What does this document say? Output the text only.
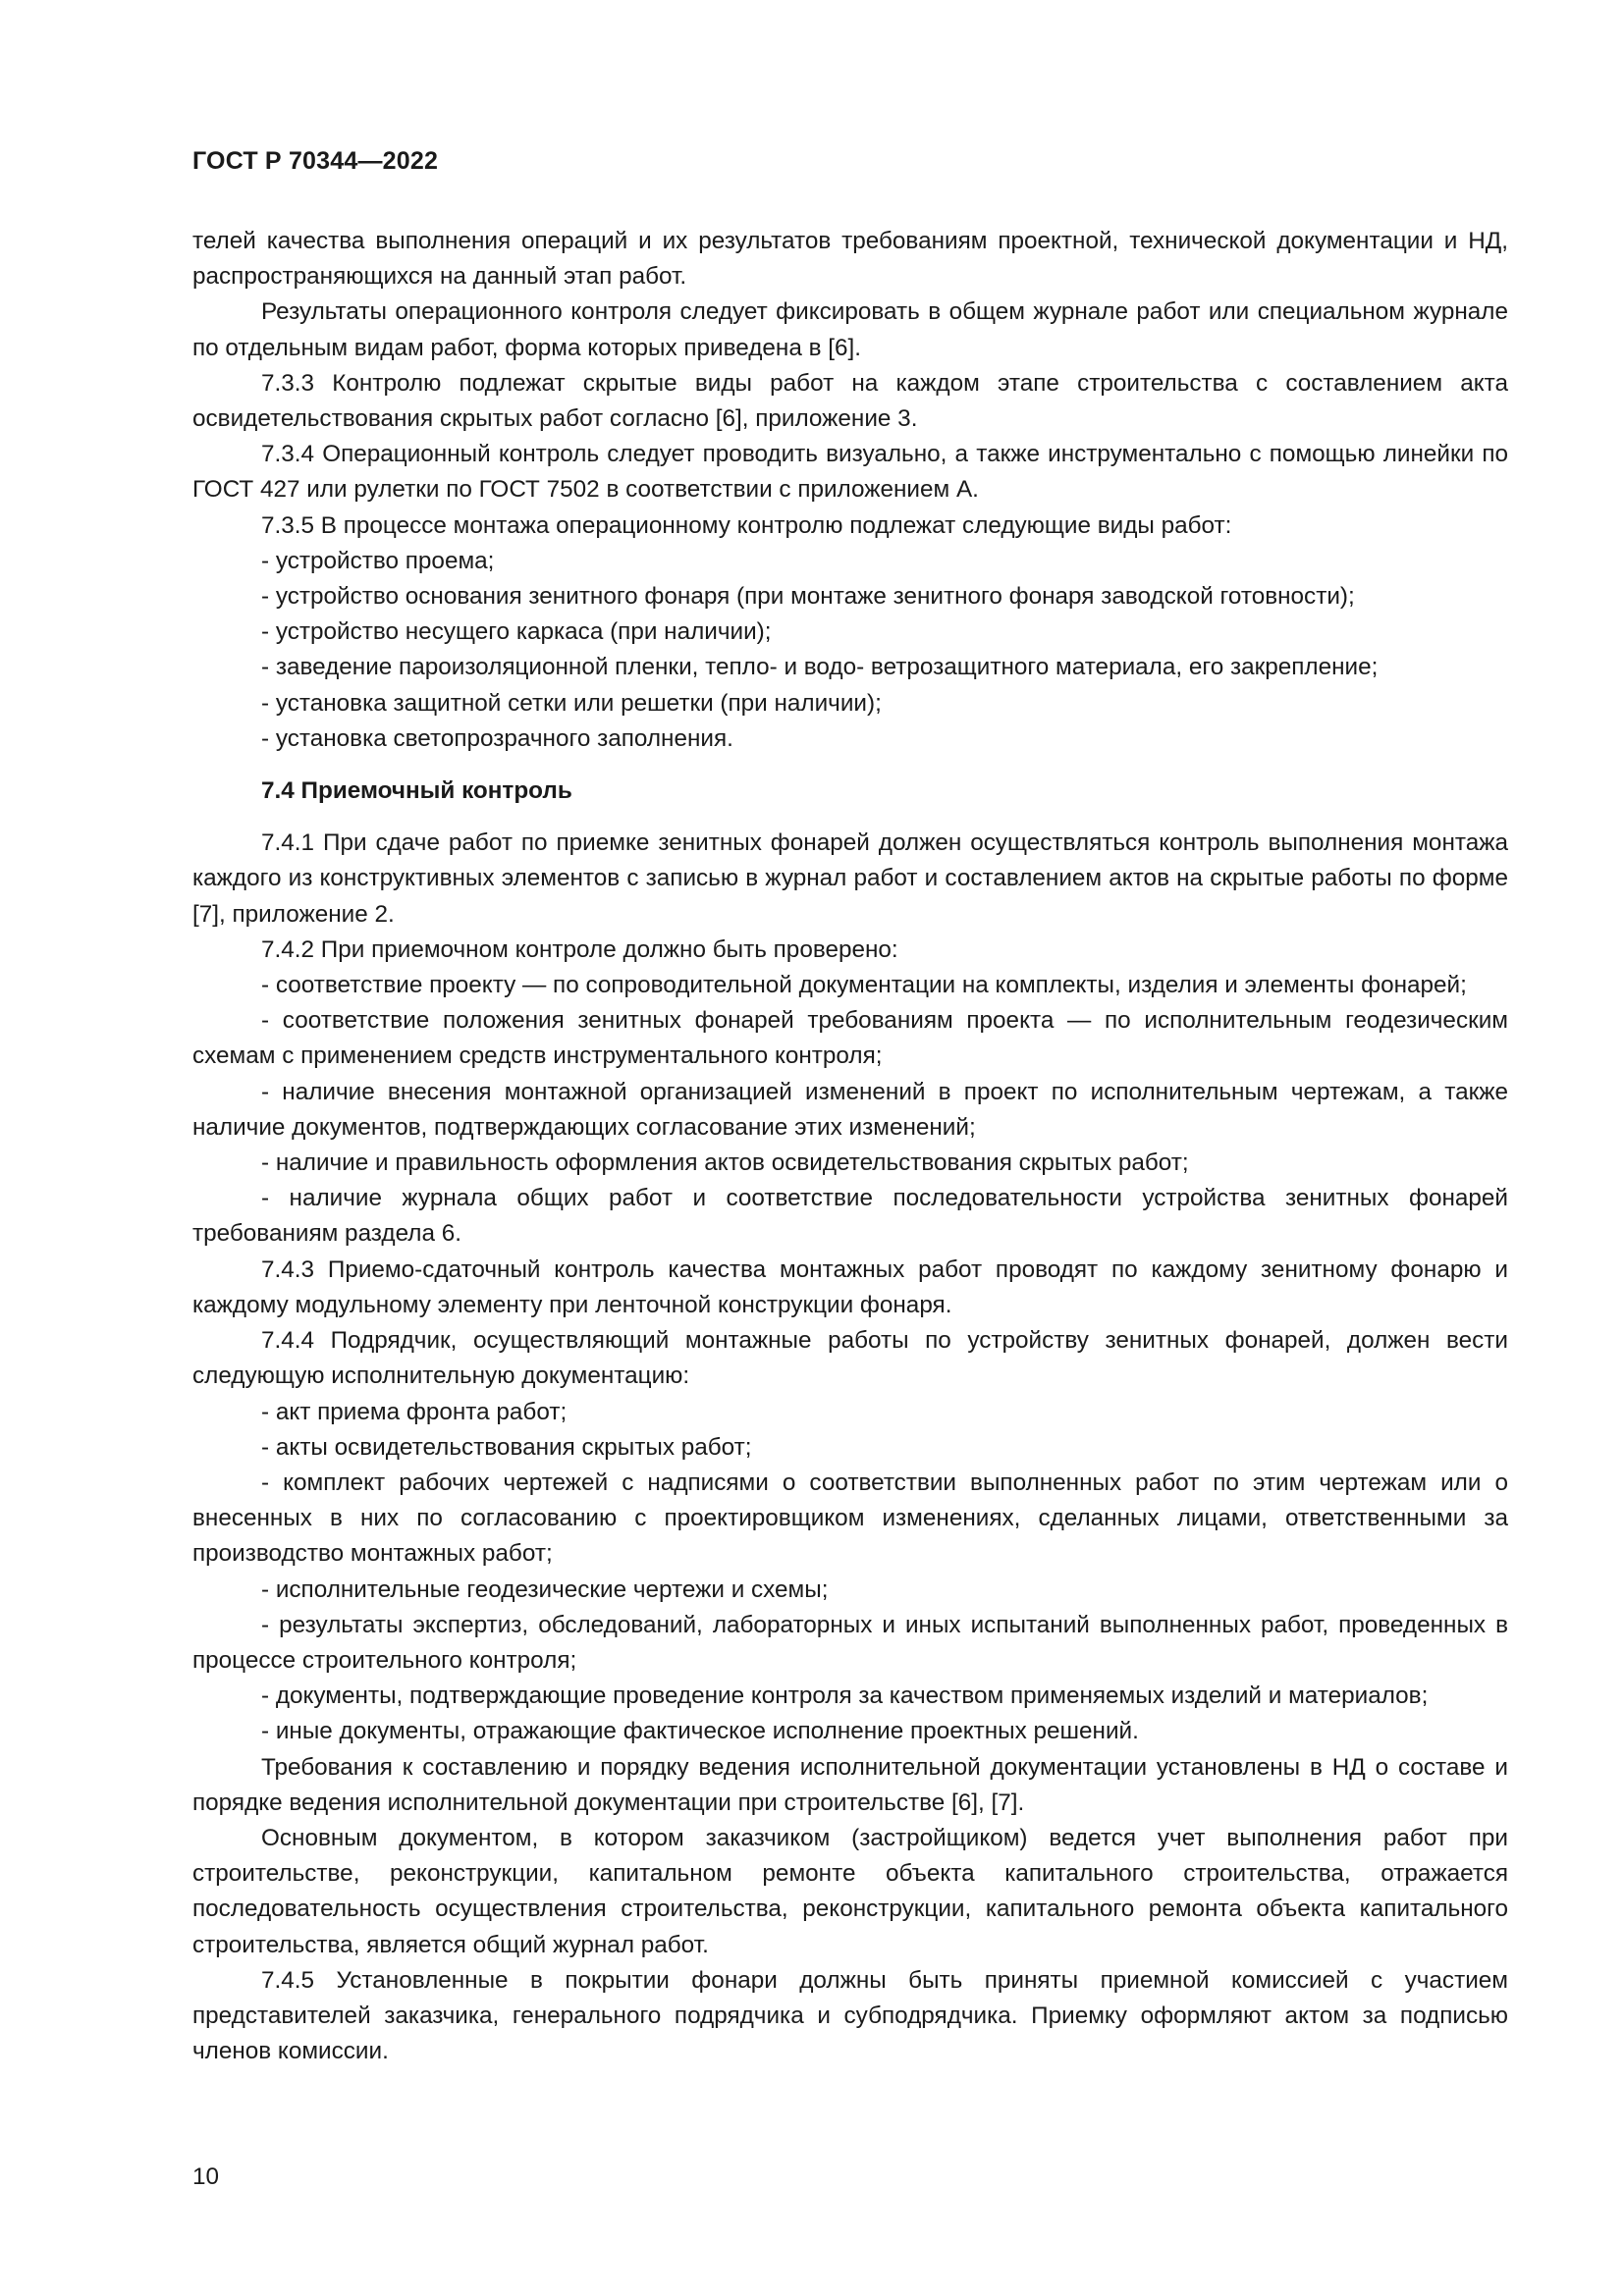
ГОСТ Р 70344—2022

телей качества выполнения операций и их результатов требованиям проектной, технической документации и НД, распространяющихся на данный этап работ.

Результаты операционного контроля следует фиксировать в общем журнале работ или специальном журнале по отдельным видам работ, форма которых приведена в [6].

7.3.3 Контролю подлежат скрытые виды работ на каждом этапе строительства с составлением акта освидетельствования скрытых работ согласно [6], приложение 3.

7.3.4 Операционный контроль следует проводить визуально, а также инструментально с помощью линейки по ГОСТ 427 или рулетки по ГОСТ 7502 в соответствии с приложением А.

7.3.5 В процессе монтажа операционному контролю подлежат следующие виды работ:

- устройство проема;

- устройство основания зенитного фонаря (при монтаже зенитного фонаря заводской готовности);

- устройство несущего каркаса (при наличии);

- заведение пароизоляционной пленки, тепло- и водо- ветрозащитного материала, его закрепление;

- установка защитной сетки или решетки (при наличии);

- установка светопрозрачного заполнения.

7.4 Приемочный контроль

7.4.1 При сдаче работ по приемке зенитных фонарей должен осуществляться контроль выполнения монтажа каждого из конструктивных элементов с записью в журнал работ и составлением актов на скрытые работы по форме [7], приложение 2.

7.4.2 При приемочном контроле должно быть проверено:

- соответствие проекту — по сопроводительной документации на комплекты, изделия и элементы фонарей;

- соответствие положения зенитных фонарей требованиям проекта — по исполнительным геодезическим схемам с применением средств инструментального контроля;

- наличие внесения монтажной организацией изменений в проект по исполнительным чертежам, а также наличие документов, подтверждающих согласование этих изменений;

- наличие и правильность оформления актов освидетельствования скрытых работ;

- наличие журнала общих работ и соответствие последовательности устройства зенитных фонарей требованиям раздела 6.

7.4.3 Приемо-сдаточный контроль качества монтажных работ проводят по каждому зенитному фонарю и каждому модульному элементу при ленточной конструкции фонаря.

7.4.4 Подрядчик, осуществляющий монтажные работы по устройству зенитных фонарей, должен вести следующую исполнительную документацию:

- акт приема фронта работ;

- акты освидетельствования скрытых работ;

- комплект рабочих чертежей с надписями о соответствии выполненных работ по этим чертежам или о внесенных в них по согласованию с проектировщиком изменениях, сделанных лицами, ответственными за производство монтажных работ;

- исполнительные геодезические чертежи и схемы;

- результаты экспертиз, обследований, лабораторных и иных испытаний выполненных работ, проведенных в процессе строительного контроля;

- документы, подтверждающие проведение контроля за качеством применяемых изделий и материалов;

- иные документы, отражающие фактическое исполнение проектных решений.

Требования к составлению и порядку ведения исполнительной документации установлены в НД о составе и порядке ведения исполнительной документации при строительстве [6], [7].

Основным документом, в котором заказчиком (застройщиком) ведется учет выполнения работ при строительстве, реконструкции, капитальном ремонте объекта капитального строительства, отражается последовательность осуществления строительства, реконструкции, капитального ремонта объекта капитального строительства, является общий журнал работ.

7.4.5 Установленные в покрытии фонари должны быть приняты приемной комиссией с участием представителей заказчика, генерального подрядчика и субподрядчика. Приемку оформляют актом за подписью членов комиссии.

10
